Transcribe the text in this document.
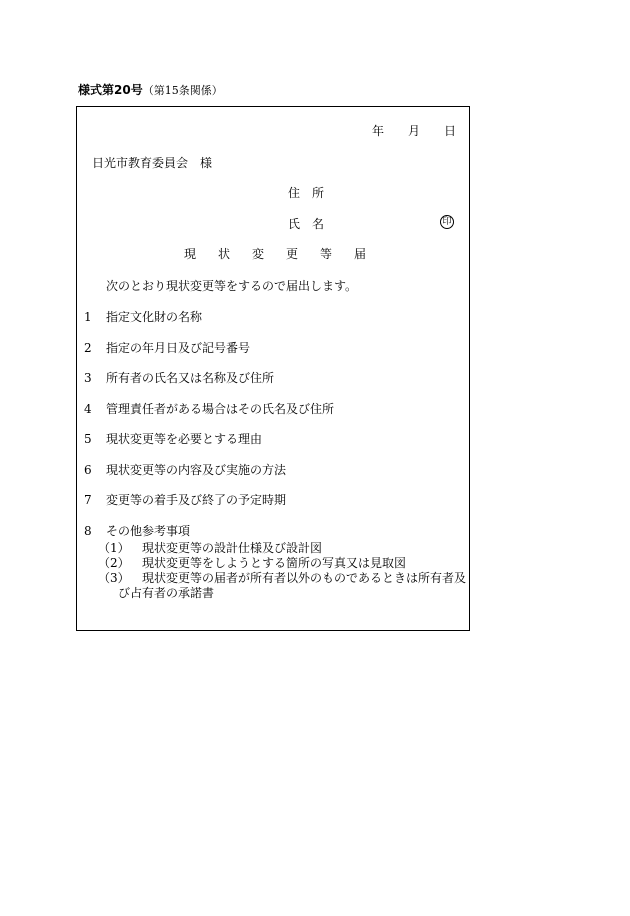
様式第20号（第15条関係）
年 月 日
日光市教育委員会　様
住　所
氏　名	印
現 状 変 更 等 届
次のとおり現状変更等をするので届出します。
1 指定文化財の名称
2 指定の年月日及び記号番号
3 所有者の氏名又は名称及び住所
4 管理責任者がある場合はその氏名及び住所
5 現状変更等を必要とする理由
6 現状変更等の内容及び実施の方法
7 変更等の着手及び終了の予定時期
8 その他参考事項
（1） 現状変更等の設計仕様及び設計図
（2） 現状変更等をしようとする箇所の写真又は見取図
（3） 現状変更等の届者が所有者以外のものであるときは所有者及
び占有者の承諾書
